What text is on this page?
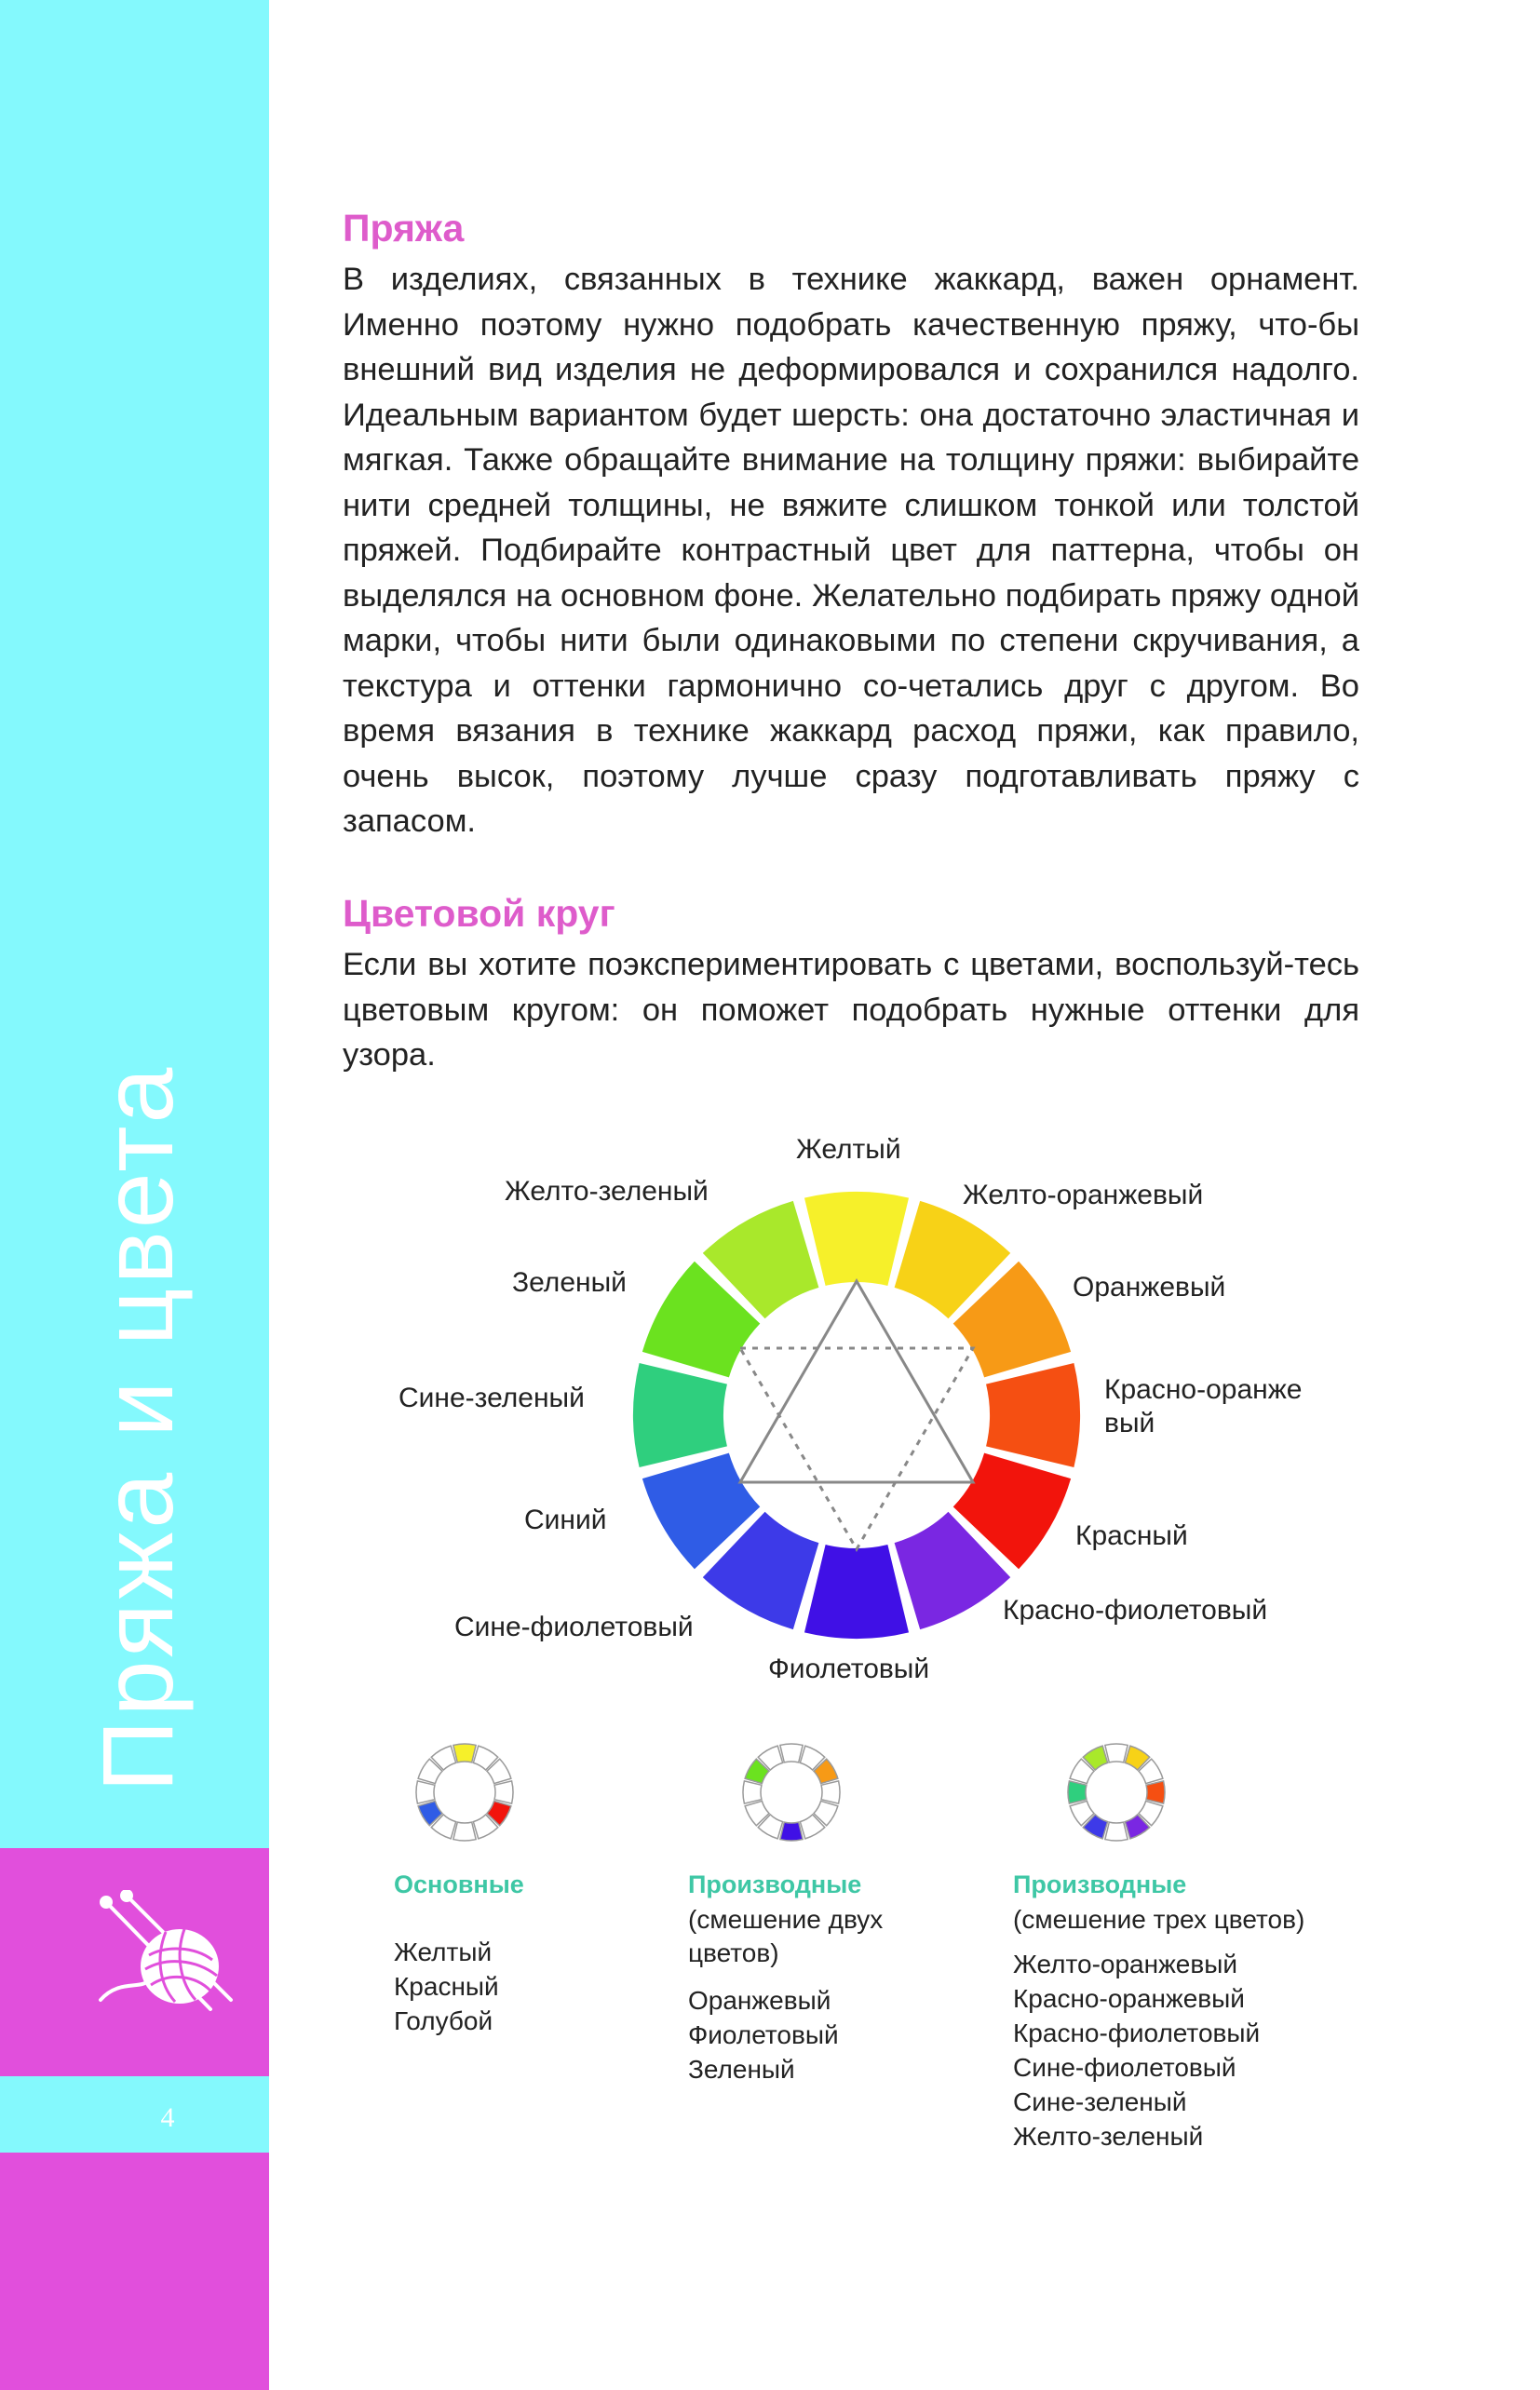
Пряжа и цвета
4
Пряжа
В изделиях, связанных в технике жаккард, важен орнамент. Именно поэтому нужно подобрать качественную пряжу, что-бы внешний вид изделия не деформировался и сохранился надолго. Идеальным вариантом будет шерсть: она достаточно эластичная и мягкая. Также обращайте внимание на толщину пряжи: выбирайте нити средней толщины, не вяжите слишком тонкой или толстой пряжей. Подбирайте контрастный цвет для паттерна, чтобы он выделялся на основном фоне. Желательно подбирать пряжу одной марки, чтобы нити были одинаковыми по степени скручивания, а текстура и оттенки гармонично со-четались друг с другом. Во время вязания в технике жаккард расход пряжи, как правило, очень высок, поэтому лучше сразу подготавливать пряжу с запасом.
Цветовой круг
Если вы хотите поэкспериментировать с цветами, воспользуй-тесь цветовым кругом: он поможет подобрать нужные оттенки для узора.
Желтый
Желто-оранжевый
Оранжевый
Красно-оранжевый
Красный
Красно-фиолетовый
Фиолетовый
Сине-фиолетовый
Синий
Сине-зеленый
Зеленый
Желто-зеленый
Основные
Желтый
Красный
Голубой
Производные
(смешение двух
цветов)
Оранжевый
Фиолетовый
Зеленый
Производные
(смешение трех цветов)
Желто-оранжевый
Красно-оранжевый
Красно-фиолетовый
Сине-фиолетовый
Сине-зеленый
Желто-зеленый
